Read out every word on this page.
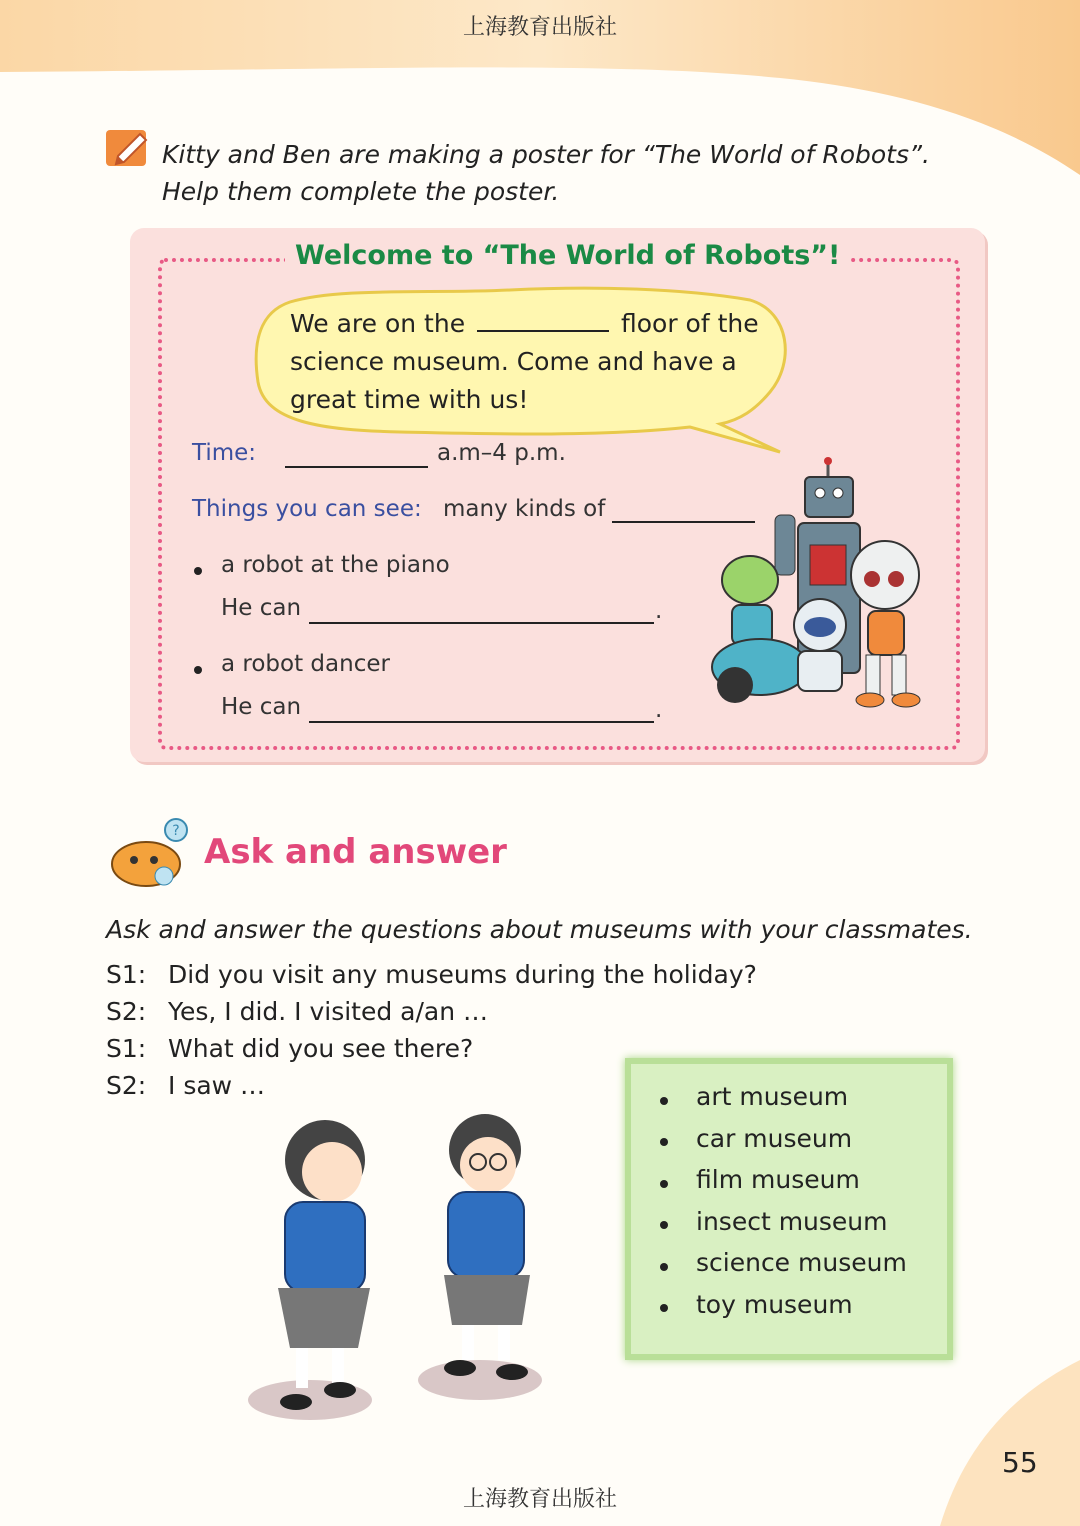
上海教育出版社
Kitty and Ben are making a poster for “The World of Robots”.
Help them complete the poster.
Welcome to “The World of Robots”!
We are on the	floor of the
science museum. Come and have a
great time with us!
Time:	a.m–4 p.m.
Things you can see: many kinds of
a robot at the piano
He can	.
a robot dancer
He can	.
?
Ask and answer
Ask and answer the questions about museums with your classmates.
S1: Did you visit any museums during the holiday?
S2: Yes, I did. I visited a/an …
S1: What did you see there?
S2: I saw …	art museum
car museum
film museum
insect museum
science museum
toy museum
55
上海教育出版社
